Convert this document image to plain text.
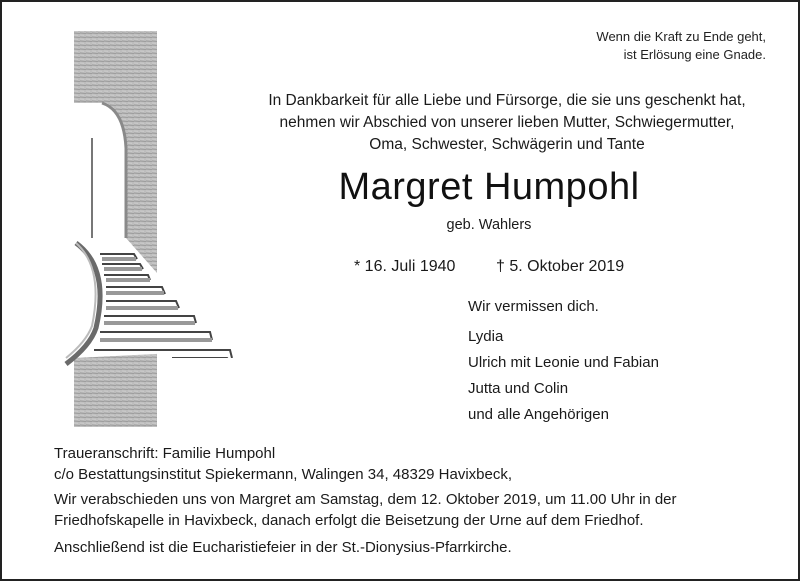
Wenn die Kraft zu Ende geht,
ist Erlösung eine Gnade.
In Dankbarkeit für alle Liebe und Fürsorge, die sie uns geschenkt hat,
nehmen wir Abschied von unserer lieben Mutter, Schwiegermutter,
Oma, Schwester, Schwägerin und Tante
Margret Humpohl
geb. Wahlers
* 16. Juli 1940	† 5. Oktober 2019
Wir vermissen dich.
Lydia
Ulrich mit Leonie und Fabian
Jutta und Colin
und alle Angehörigen
Traueranschrift: Familie Humpohl
c/o Bestattungsinstitut Spiekermann, Walingen 34, 48329 Havixbeck,
Wir verabschieden uns von Margret am Samstag, dem 12. Oktober 2019, um 11.00 Uhr in der
Friedhofskapelle in Havixbeck, danach erfolgt die Beisetzung der Urne auf dem Friedhof.
Anschließend ist die Eucharistiefeier in der St.-Dionysius-Pfarrkirche.
